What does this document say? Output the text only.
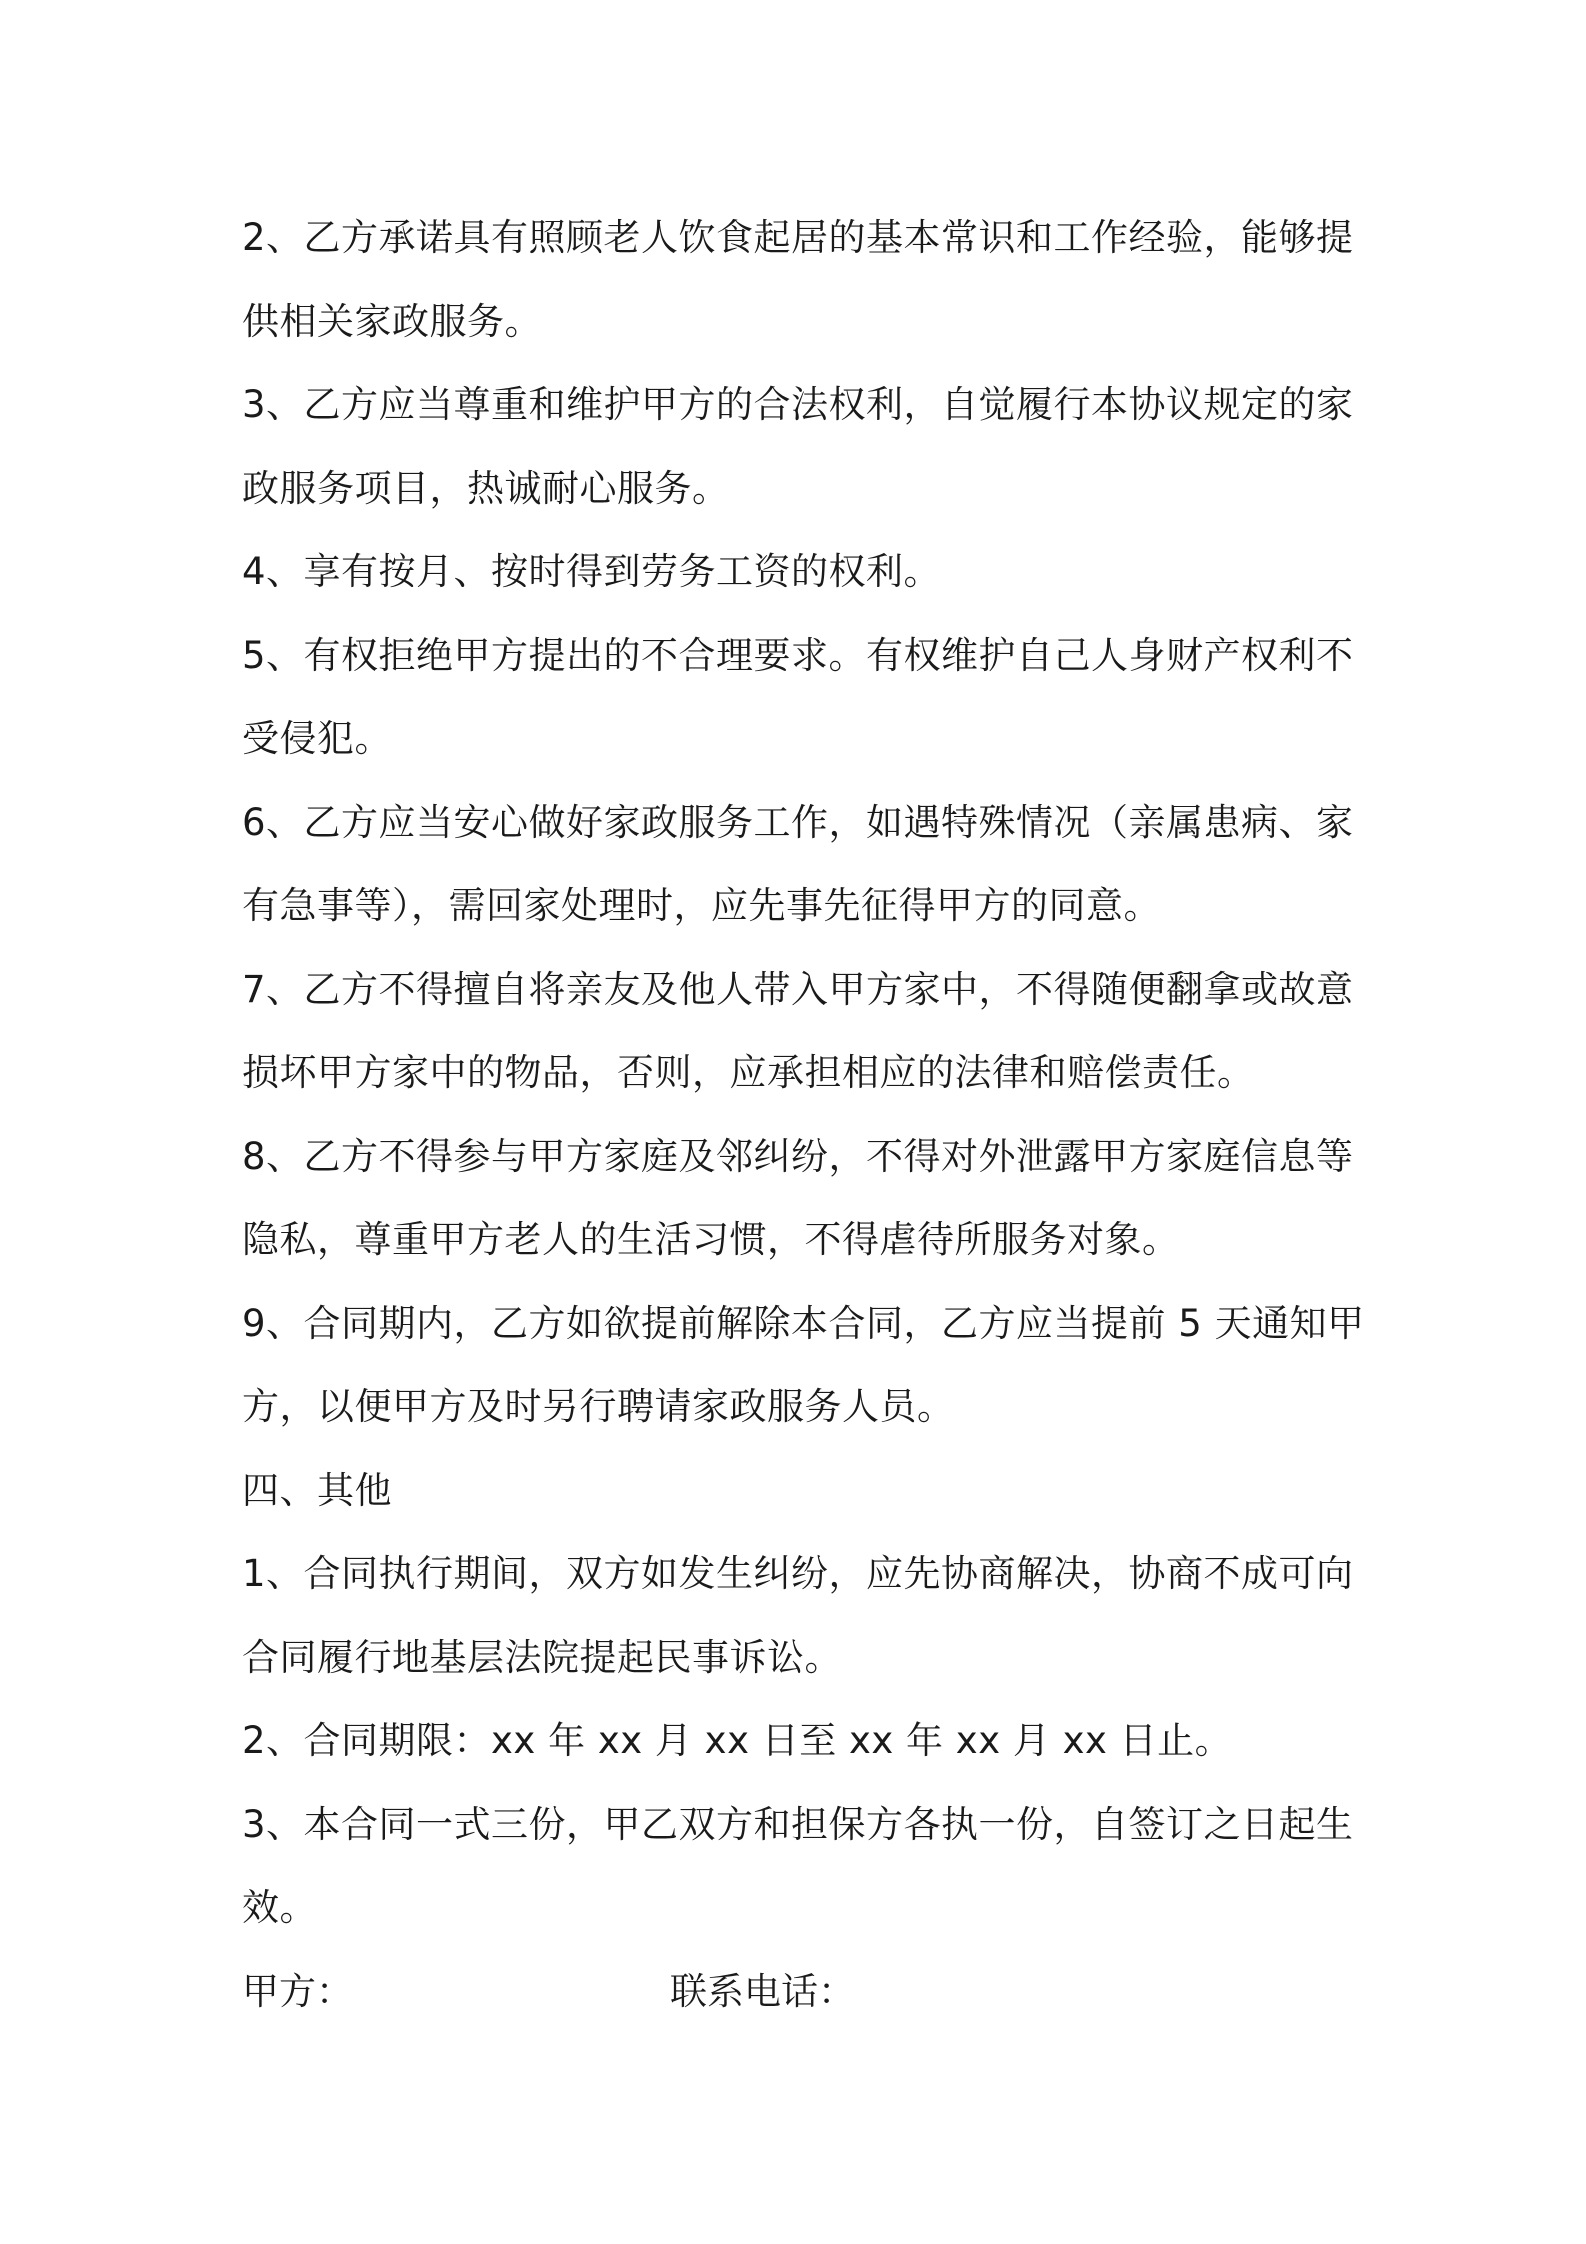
2、乙方承诺具有照顾老人饮食起居的基本常识和工作经验，能够提
供相关家政服务。
3、乙方应当尊重和维护甲方的合法权利，自觉履行本协议规定的家
政服务项目，热诚耐心服务。
4、享有按月、按时得到劳务工资的权利。
5、有权拒绝甲方提出的不合理要求。有权维护自己人身财产权利不
受侵犯。
6、乙方应当安心做好家政服务工作，如遇特殊情况（亲属患病、家
有急事等），需回家处理时，应先事先征得甲方的同意。
7、乙方不得擅自将亲友及他人带入甲方家中，不得随便翻拿或故意
损坏甲方家中的物品，否则，应承担相应的法律和赔偿责任。
8、乙方不得参与甲方家庭及邻纠纷，不得对外泄露甲方家庭信息等
隐私，尊重甲方老人的生活习惯，不得虐待所服务对象。
9、合同期内，乙方如欲提前解除本合同，乙方应当提前 5 天通知甲
方，以便甲方及时另行聘请家政服务人员。
四、其他
1、合同执行期间，双方如发生纠纷，应先协商解决，协商不成可向
合同履行地基层法院提起民事诉讼。
2、合同期限：xx 年 xx 月 xx 日至 xx 年 xx 月 xx 日止。
3、本合同一式三份，甲乙双方和担保方各执一份，自签订之日起生
效。
甲方：	联系电话：
